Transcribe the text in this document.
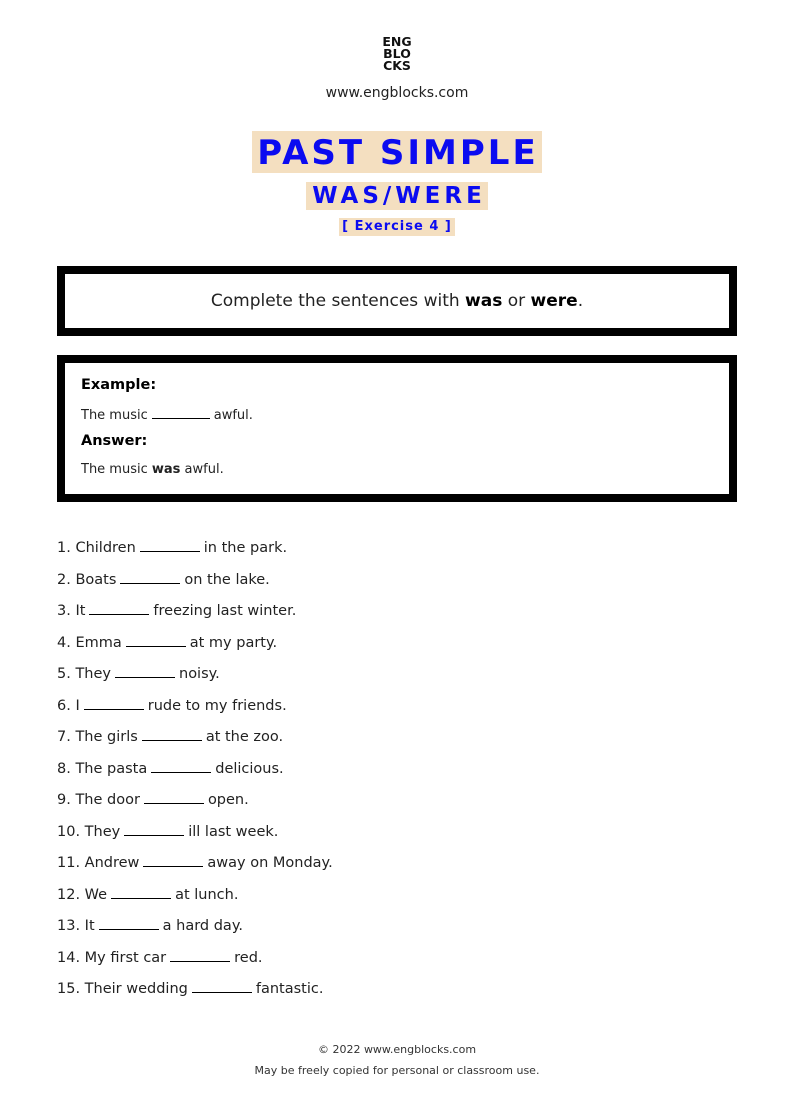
ENG
BLO
CKS
www.engblocks.com
PAST SIMPLE
WAS/WERE
[ Exercise 4 ]
Complete the sentences with was or were.
Example:
The music	awful.
Answer:
The music was awful.
1. Children	in the park.
2. Boats	on the lake.
3. It	freezing last winter.
4. Emma	at my party.
5. They	noisy.
6. I	rude to my friends.
7. The girls	at the zoo.
8. The pasta	delicious.
9. The door	open.
10. They	ill last week.
11. Andrew	away on Monday.
12. We	at lunch.
13. It	a hard day.
14. My first car	red.
15. Their wedding	fantastic.
© 2022 www.engblocks.com
May be freely copied for personal or classroom use.
